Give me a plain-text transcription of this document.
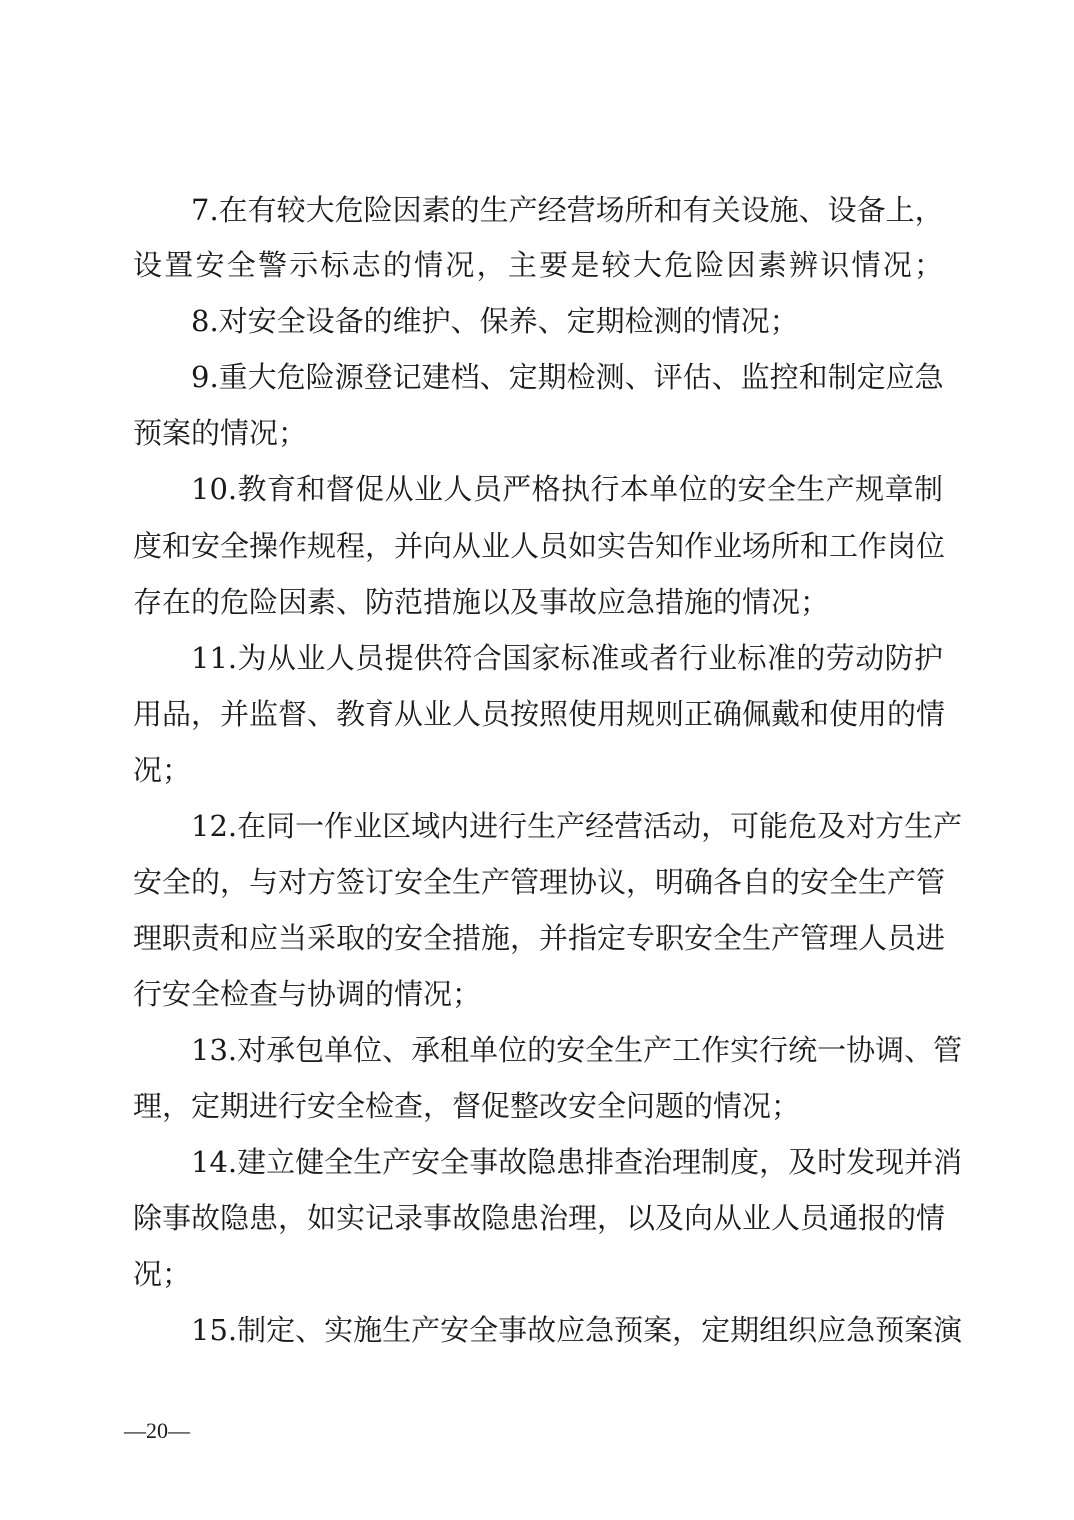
7.在有较大危险因素的生产经营场所和有关设施、设备上，
设置安全警示标志的情况，主要是较大危险因素辨识情况；
8.对安全设备的维护、保养、定期检测的情况；
9.重大危险源登记建档、定期检测、评估、监控和制定应急
预案的情况；
10.教育和督促从业人员严格执行本单位的安全生产规章制
度和安全操作规程，并向从业人员如实告知作业场所和工作岗位
存在的危险因素、防范措施以及事故应急措施的情况；
11.为从业人员提供符合国家标准或者行业标准的劳动防护
用品，并监督、教育从业人员按照使用规则正确佩戴和使用的情
况；
12.在同一作业区域内进行生产经营活动，可能危及对方生产
安全的，与对方签订安全生产管理协议，明确各自的安全生产管
理职责和应当采取的安全措施，并指定专职安全生产管理人员进
行安全检查与协调的情况；
13.对承包单位、承租单位的安全生产工作实行统一协调、管
理，定期进行安全检查，督促整改安全问题的情况；
14.建立健全生产安全事故隐患排查治理制度，及时发现并消
除事故隐患，如实记录事故隐患治理，以及向从业人员通报的情
况；
15.制定、实施生产安全事故应急预案，定期组织应急预案演
—20—
